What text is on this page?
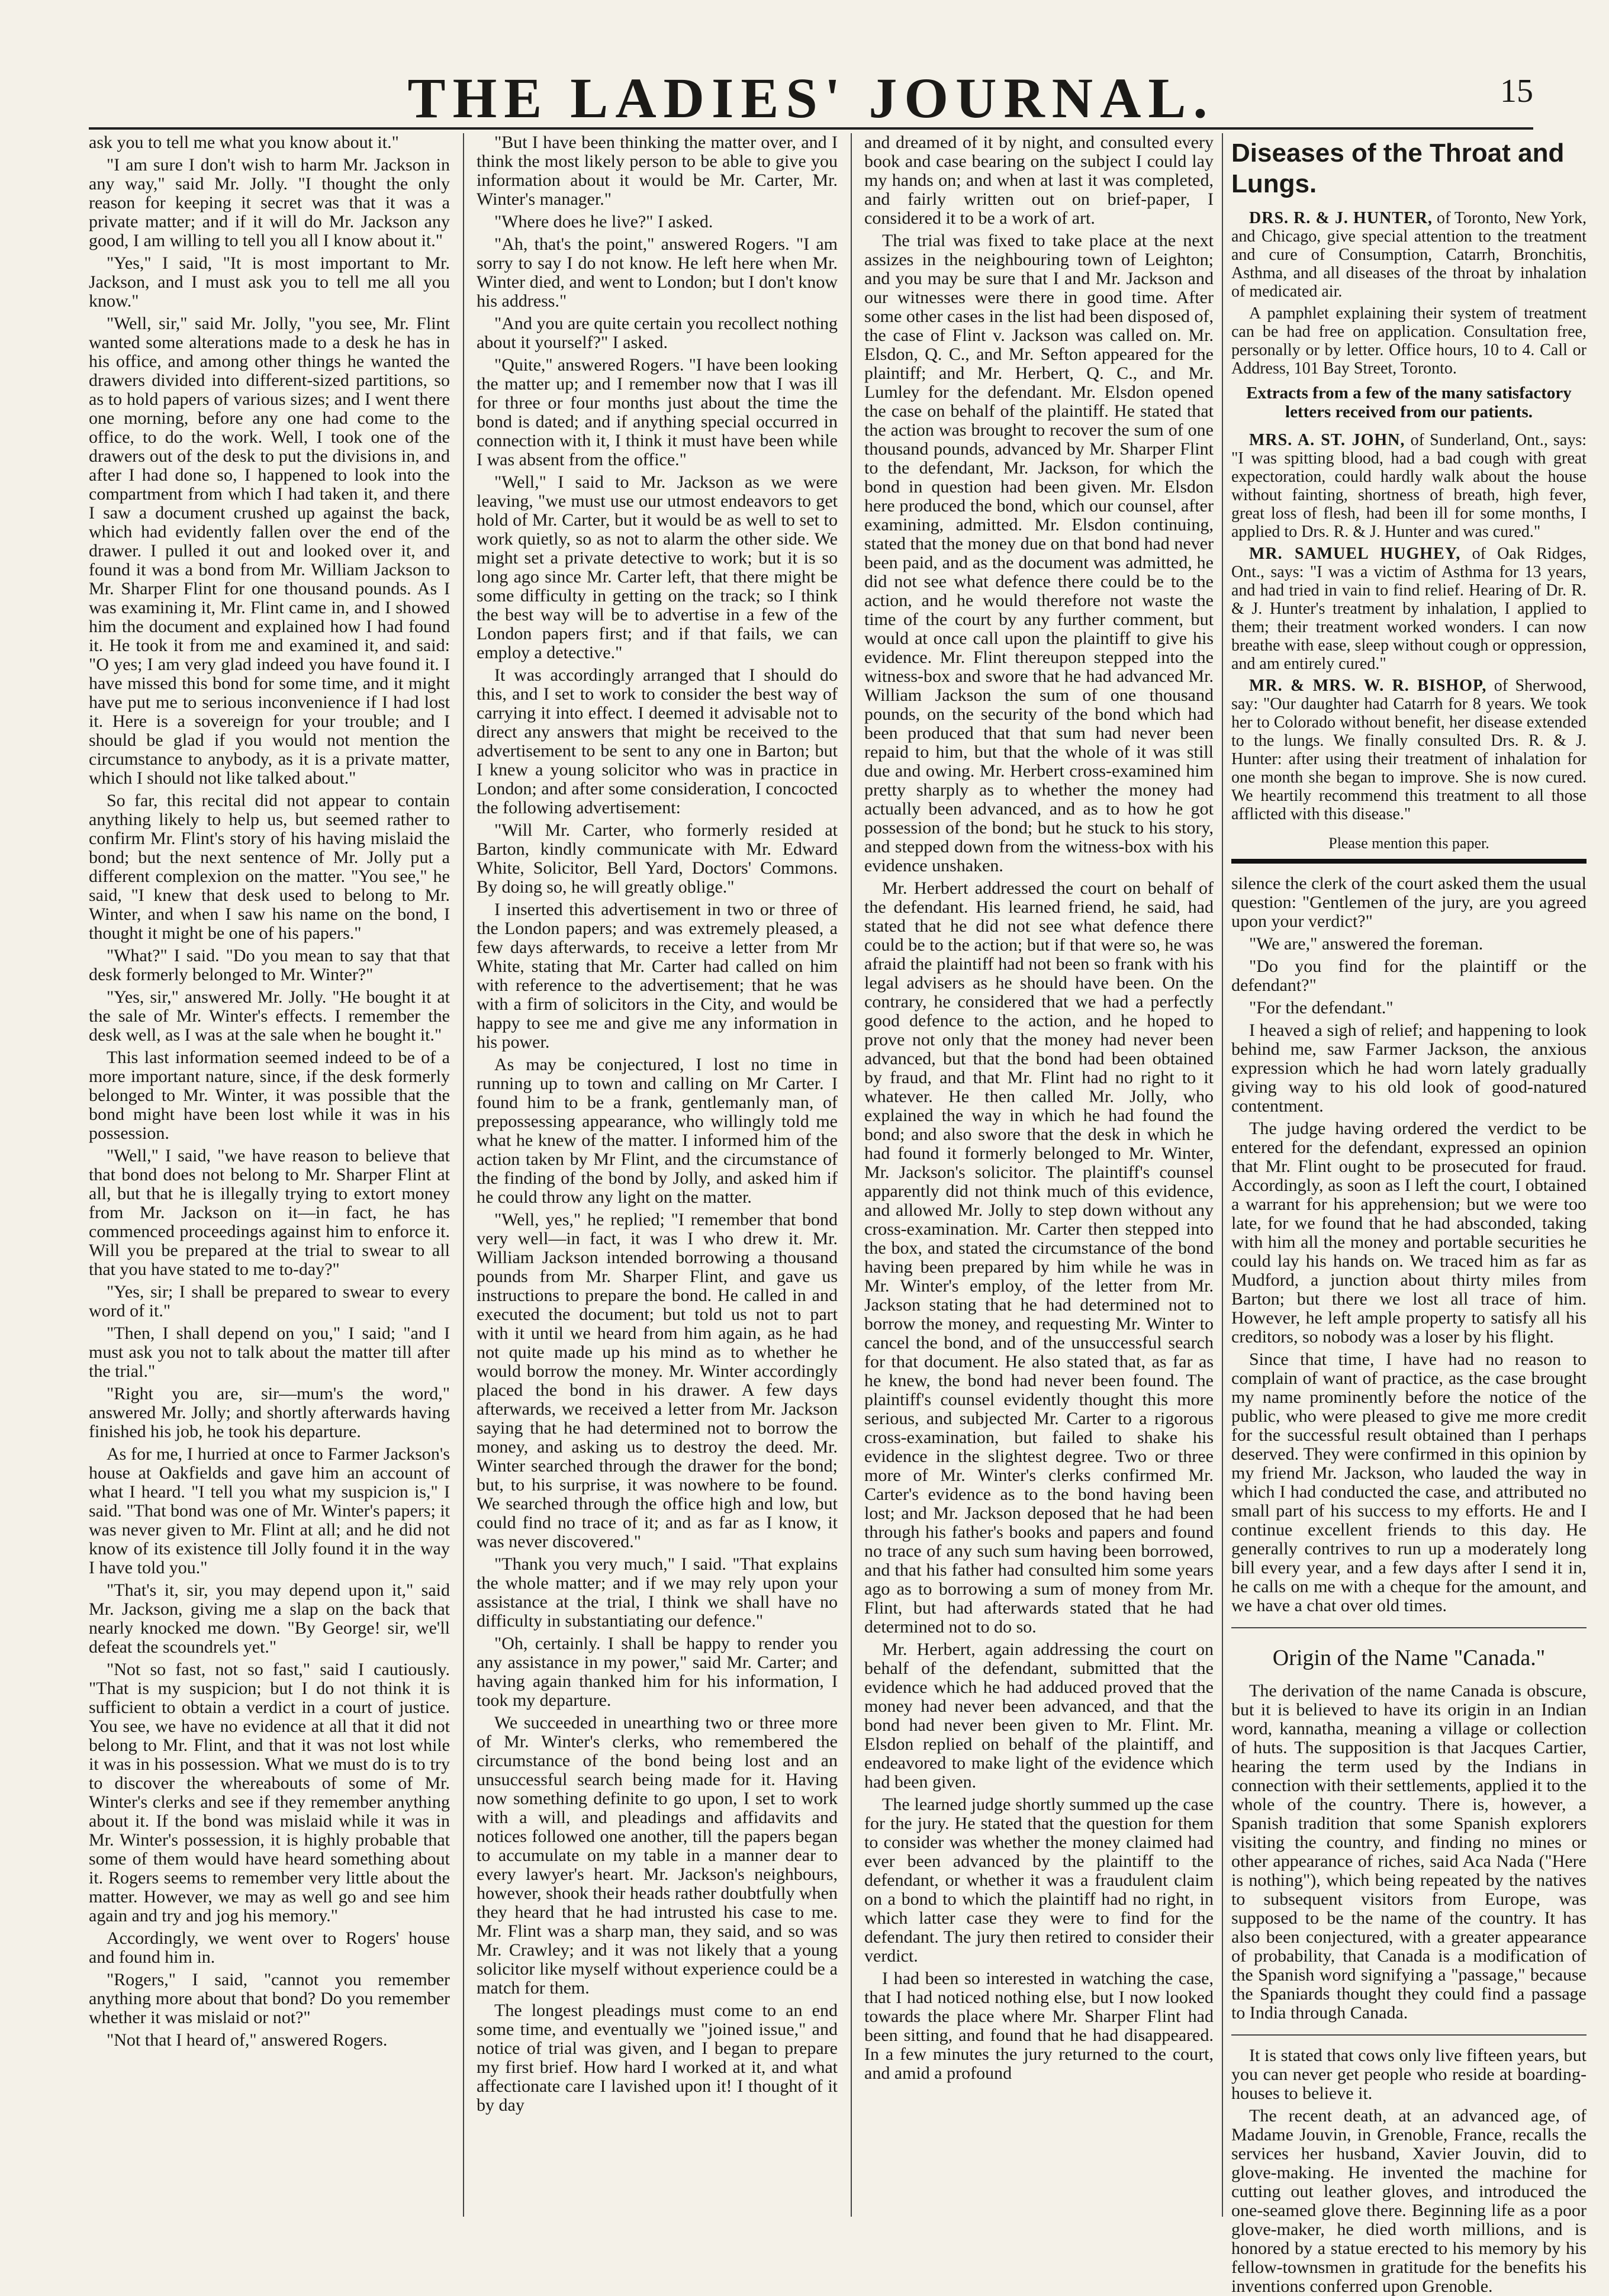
THE LADIES' JOURNAL.	15

ask you to tell me what you know about it."

"I am sure I don't wish to harm Mr. Jackson in any way," said Mr. Jolly. "I thought the only reason for keeping it secret was that it was a private matter; and if it will do Mr. Jackson any good, I am willing to tell you all I know about it."

"Yes," I said, "It is most important to Mr. Jackson, and I must ask you to tell me all you know."

"Well, sir," said Mr. Jolly, "you see, Mr. Flint wanted some alterations made to a desk he has in his office, and among other things he wanted the drawers divided into different-sized partitions, so as to hold papers of various sizes; and I went there one morning, before any one had come to the office, to do the work. Well, I took one of the drawers out of the desk to put the divisions in, and after I had done so, I happened to look into the compartment from which I had taken it, and there I saw a document crushed up against the back, which had evidently fallen over the end of the drawer. I pulled it out and looked over it, and found it was a bond from Mr. William Jackson to Mr. Sharper Flint for one thousand pounds. As I was examining it, Mr. Flint came in, and I showed him the document and explained how I had found it. He took it from me and examined it, and said: "O yes; I am very glad indeed you have found it. I have missed this bond for some time, and it might have put me to serious inconvenience if I had lost it. Here is a sovereign for your trouble; and I should be glad if you would not mention the circumstance to anybody, as it is a private matter, which I should not like talked about."

So far, this recital did not appear to contain anything likely to help us, but seemed rather to confirm Mr. Flint's story of his having mislaid the bond; but the next sentence of Mr. Jolly put a different complexion on the matter. "You see," he said, "I knew that desk used to belong to Mr. Winter, and when I saw his name on the bond, I thought it might be one of his papers."

"What?" I said. "Do you mean to say that that desk formerly belonged to Mr. Winter?"

"Yes, sir," answered Mr. Jolly. "He bought it at the sale of Mr. Winter's effects. I remember the desk well, as I was at the sale when he bought it."

This last information seemed indeed to be of a more important nature, since, if the desk formerly belonged to Mr. Winter, it was possible that the bond might have been lost while it was in his possession.

"Well," I said, "we have reason to believe that that bond does not belong to Mr. Sharper Flint at all, but that he is illegally trying to extort money from Mr. Jackson on it—in fact, he has commenced proceedings against him to enforce it. Will you be prepared at the trial to swear to all that you have stated to me to-day?"

"Yes, sir; I shall be prepared to swear to every word of it."

"Then, I shall depend on you," I said; "and I must ask you not to talk about the matter till after the trial."

"Right you are, sir—mum's the word," answered Mr. Jolly; and shortly afterwards having finished his job, he took his departure.

As for me, I hurried at once to Farmer Jackson's house at Oakfields and gave him an account of what I heard. "I tell you what my suspicion is," I said. "That bond was one of Mr. Winter's papers; it was never given to Mr. Flint at all; and he did not know of its existence till Jolly found it in the way I have told you."

"That's it, sir, you may depend upon it," said Mr. Jackson, giving me a slap on the back that nearly knocked me down. "By George! sir, we'll defeat the scoundrels yet."

"Not so fast, not so fast," said I cautiously. "That is my suspicion; but I do not think it is sufficient to obtain a verdict in a court of justice. You see, we have no evidence at all that it did not belong to Mr. Flint, and that it was not lost while it was in his possession. What we must do is to try to discover the whereabouts of some of Mr. Winter's clerks and see if they remember anything about it. If the bond was mislaid while it was in Mr. Winter's possession, it is highly probable that some of them would have heard something about it. Rogers seems to remember very little about the matter. However, we may as well go and see him again and try and jog his memory."

Accordingly, we went over to Rogers' house and found him in.

"Rogers," I said, "cannot you remember anything more about that bond? Do you remember whether it was mislaid or not?"

"Not that I heard of," answered Rogers.

"But I have been thinking the matter over, and I think the most likely person to be able to give you information about it would be Mr. Carter, Mr. Winter's manager."

"Where does he live?" I asked.

"Ah, that's the point," answered Rogers. "I am sorry to say I do not know. He left here when Mr. Winter died, and went to London; but I don't know his address."

"And you are quite certain you recollect nothing about it yourself?" I asked.

"Quite," answered Rogers. "I have been looking the matter up; and I remember now that I was ill for three or four months just about the time the bond is dated; and if anything special occurred in connection with it, I think it must have been while I was absent from the office."

"Well," I said to Mr. Jackson as we were leaving, "we must use our utmost endeavors to get hold of Mr. Carter, but it would be as well to set to work quietly, so as not to alarm the other side. We might set a private detective to work; but it is so long ago since Mr. Carter left, that there might be some difficulty in getting on the track; so I think the best way will be to advertise in a few of the London papers first; and if that fails, we can employ a detective."

It was accordingly arranged that I should do this, and I set to work to consider the best way of carrying it into effect. I deemed it advisable not to direct any answers that might be received to the advertisement to be sent to any one in Barton; but I knew a young solicitor who was in practice in London; and after some consideration, I concocted the following advertisement:

"Will Mr. Carter, who formerly resided at Barton, kindly communicate with Mr. Edward White, Solicitor, Bell Yard, Doctors' Commons. By doing so, he will greatly oblige."

I inserted this advertisement in two or three of the London papers; and was extremely pleased, a few days afterwards, to receive a letter from Mr White, stating that Mr. Carter had called on him with reference to the advertisement; that he was with a firm of solicitors in the City, and would be happy to see me and give me any information in his power.

As may be conjectured, I lost no time in running up to town and calling on Mr Carter. I found him to be a frank, gentlemanly man, of prepossessing appearance, who willingly told me what he knew of the matter. I informed him of the action taken by Mr Flint, and the circumstance of the finding of the bond by Jolly, and asked him if he could throw any light on the matter.

"Well, yes," he replied; "I remember that bond very well—in fact, it was I who drew it. Mr. William Jackson intended borrowing a thousand pounds from Mr. Sharper Flint, and gave us instructions to prepare the bond. He called in and executed the document; but told us not to part with it until we heard from him again, as he had not quite made up his mind as to whether he would borrow the money. Mr. Winter accordingly placed the bond in his drawer. A few days afterwards, we received a letter from Mr. Jackson saying that he had determined not to borrow the money, and asking us to destroy the deed. Mr. Winter searched through the drawer for the bond; but, to his surprise, it was nowhere to be found. We searched through the office high and low, but could find no trace of it; and as far as I know, it was never discovered."

"Thank you very much," I said. "That explains the whole matter; and if we may rely upon your assistance at the trial, I think we shall have no difficulty in substantiating our defence."

"Oh, certainly. I shall be happy to render you any assistance in my power," said Mr. Carter; and having again thanked him for his information, I took my departure.

We succeeded in unearthing two or three more of Mr. Winter's clerks, who remembered the circumstance of the bond being lost and an unsuccessful search being made for it. Having now something definite to go upon, I set to work with a will, and pleadings and affidavits and notices followed one another, till the papers began to accumulate on my table in a manner dear to every lawyer's heart. Mr. Jackson's neighbours, however, shook their heads rather doubtfully when they heard that he had intrusted his case to me. Mr. Flint was a sharp man, they said, and so was Mr. Crawley; and it was not likely that a young solicitor like myself without experience could be a match for them.

The longest pleadings must come to an end some time, and eventually we "joined issue," and notice of trial was given, and I began to prepare my first brief. How hard I worked at it, and what affectionate care I lavished upon it! I thought of it by day

and dreamed of it by night, and consulted every book and case bearing on the subject I could lay my hands on; and when at last it was completed, and fairly written out on brief-paper, I considered it to be a work of art.

The trial was fixed to take place at the next assizes in the neighbouring town of Leighton; and you may be sure that I and Mr. Jackson and our witnesses were there in good time. After some other cases in the list had been disposed of, the case of Flint v. Jackson was called on. Mr. Elsdon, Q. C., and Mr. Sefton appeared for the plaintiff; and Mr. Herbert, Q. C., and Mr. Lumley for the defendant. Mr. Elsdon opened the case on behalf of the plaintiff. He stated that the action was brought to recover the sum of one thousand pounds, advanced by Mr. Sharper Flint to the defendant, Mr. Jackson, for which the bond in question had been given. Mr. Elsdon here produced the bond, which our counsel, after examining, admitted. Mr. Elsdon continuing, stated that the money due on that bond had never been paid, and as the document was admitted, he did not see what defence there could be to the action, and he would therefore not waste the time of the court by any further comment, but would at once call upon the plaintiff to give his evidence. Mr. Flint thereupon stepped into the witness-box and swore that he had advanced Mr. William Jackson the sum of one thousand pounds, on the security of the bond which had been produced that that sum had never been repaid to him, but that the whole of it was still due and owing. Mr. Herbert cross-examined him pretty sharply as to whether the money had actually been advanced, and as to how he got possession of the bond; but he stuck to his story, and stepped down from the witness-box with his evidence unshaken.

Mr. Herbert addressed the court on behalf of the defendant. His learned friend, he said, had stated that he did not see what defence there could be to the action; but if that were so, he was afraid the plaintiff had not been so frank with his legal advisers as he should have been. On the contrary, he considered that we had a perfectly good defence to the action, and he hoped to prove not only that the money had never been advanced, but that the bond had been obtained by fraud, and that Mr. Flint had no right to it whatever. He then called Mr. Jolly, who explained the way in which he had found the bond; and also swore that the desk in which he had found it formerly belonged to Mr. Winter, Mr. Jackson's solicitor. The plaintiff's counsel apparently did not think much of this evidence, and allowed Mr. Jolly to step down without any cross-examination. Mr. Carter then stepped into the box, and stated the circumstance of the bond having been prepared by him while he was in Mr. Winter's employ, of the letter from Mr. Jackson stating that he had determined not to borrow the money, and requesting Mr. Winter to cancel the bond, and of the unsuccessful search for that document. He also stated that, as far as he knew, the bond had never been found. The plaintiff's counsel evidently thought this more serious, and subjected Mr. Carter to a rigorous cross-examination, but failed to shake his evidence in the slightest degree. Two or three more of Mr. Winter's clerks confirmed Mr. Carter's evidence as to the bond having been lost; and Mr. Jackson deposed that he had been through his father's books and papers and found no trace of any such sum having been borrowed, and that his father had consulted him some years ago as to borrowing a sum of money from Mr. Flint, but had afterwards stated that he had determined not to do so.

Mr. Herbert, again addressing the court on behalf of the defendant, submitted that the evidence which he had adduced proved that the money had never been advanced, and that the bond had never been given to Mr. Flint. Mr. Elsdon replied on behalf of the plaintiff, and endeavored to make light of the evidence which had been given.

The learned judge shortly summed up the case for the jury. He stated that the question for them to consider was whether the money claimed had ever been advanced by the plaintiff to the defendant, or whether it was a fraudulent claim on a bond to which the plaintiff had no right, in which latter case they were to find for the defendant. The jury then retired to consider their verdict.

I had been so interested in watching the case, that I had noticed nothing else, but I now looked towards the place where Mr. Sharper Flint had been sitting, and found that he had disappeared. In a few minutes the jury returned to the court, and amid a profound

Diseases of the Throat and Lungs.

DRS. R. & J. HUNTER, of Toronto, New York, and Chicago, give special attention to the treatment and cure of Consumption, Catarrh, Bronchitis, Asthma, and all diseases of the throat by inhalation of medicated air.

A pamphlet explaining their system of treatment can be had free on application. Consultation free, personally or by letter. Office hours, 10 to 4. Call or Address, 101 Bay Street, Toronto.

Extracts from a few of the many satisfactory letters received from our patients.

MRS. A. ST. JOHN, of Sunderland, Ont., says: "I was spitting blood, had a bad cough with great expectoration, could hardly walk about the house without fainting, shortness of breath, high fever, great loss of flesh, had been ill for some months, I applied to Drs. R. & J. Hunter and was cured."

MR. SAMUEL HUGHEY, of Oak Ridges, Ont., says: "I was a victim of Asthma for 13 years, and had tried in vain to find relief. Hearing of Dr. R. & J. Hunter's treatment by inhalation, I applied to them; their treatment worked wonders. I can now breathe with ease, sleep without cough or oppression, and am entirely cured."

MR. & MRS. W. R. BISHOP, of Sherwood, say: "Our daughter had Catarrh for 8 years. We took her to Colorado without benefit, her disease extended to the lungs. We finally consulted Drs. R. & J. Hunter: after using their treatment of inhalation for one month she began to improve. She is now cured. We heartily recommend this treatment to all those afflicted with this disease."

Please mention this paper.

silence the clerk of the court asked them the usual question: "Gentlemen of the jury, are you agreed upon your verdict?"

"We are," answered the foreman.

"Do you find for the plaintiff or the defendant?"

"For the defendant."

I heaved a sigh of relief; and happening to look behind me, saw Farmer Jackson, the anxious expression which he had worn lately gradually giving way to his old look of good-natured contentment.

The judge having ordered the verdict to be entered for the defendant, expressed an opinion that Mr. Flint ought to be prosecuted for fraud. Accordingly, as soon as I left the court, I obtained a warrant for his apprehension; but we were too late, for we found that he had absconded, taking with him all the money and portable securities he could lay his hands on. We traced him as far as Mudford, a junction about thirty miles from Barton; but there we lost all trace of him. However, he left ample property to satisfy all his creditors, so nobody was a loser by his flight.

Since that time, I have had no reason to complain of want of practice, as the case brought my name prominently before the notice of the public, who were pleased to give me more credit for the successful result obtained than I perhaps deserved. They were confirmed in this opinion by my friend Mr. Jackson, who lauded the way in which I had conducted the case, and attributed no small part of his success to my efforts. He and I continue excellent friends to this day. He generally contrives to run up a moderately long bill every year, and a few days after I send it in, he calls on me with a cheque for the amount, and we have a chat over old times.

Origin of the Name "Canada."

The derivation of the name Canada is obscure, but it is believed to have its origin in an Indian word, kannatha, meaning a village or collection of huts. The supposition is that Jacques Cartier, hearing the term used by the Indians in connection with their settlements, applied it to the whole of the country. There is, however, a Spanish tradition that some Spanish explorers visiting the country, and finding no mines or other appearance of riches, said Aca Nada ("Here is nothing"), which being repeated by the natives to subsequent visitors from Europe, was supposed to be the name of the country. It has also been conjectured, with a greater appearance of probability, that Canada is a modification of the Spanish word signifying a "passage," because the Spaniards thought they could find a passage to India through Canada.

It is stated that cows only live fifteen years, but you can never get people who reside at boarding-houses to believe it.

The recent death, at an advanced age, of Madame Jouvin, in Grenoble, France, recalls the services her husband, Xavier Jouvin, did to glove-making. He invented the machine for cutting out leather gloves, and introduced the one-seamed glove there. Beginning life as a poor glove-maker, he died worth millions, and is honored by a statue erected to his memory by his fellow-townsmen in gratitude for the benefits his inventions conferred upon Grenoble.
